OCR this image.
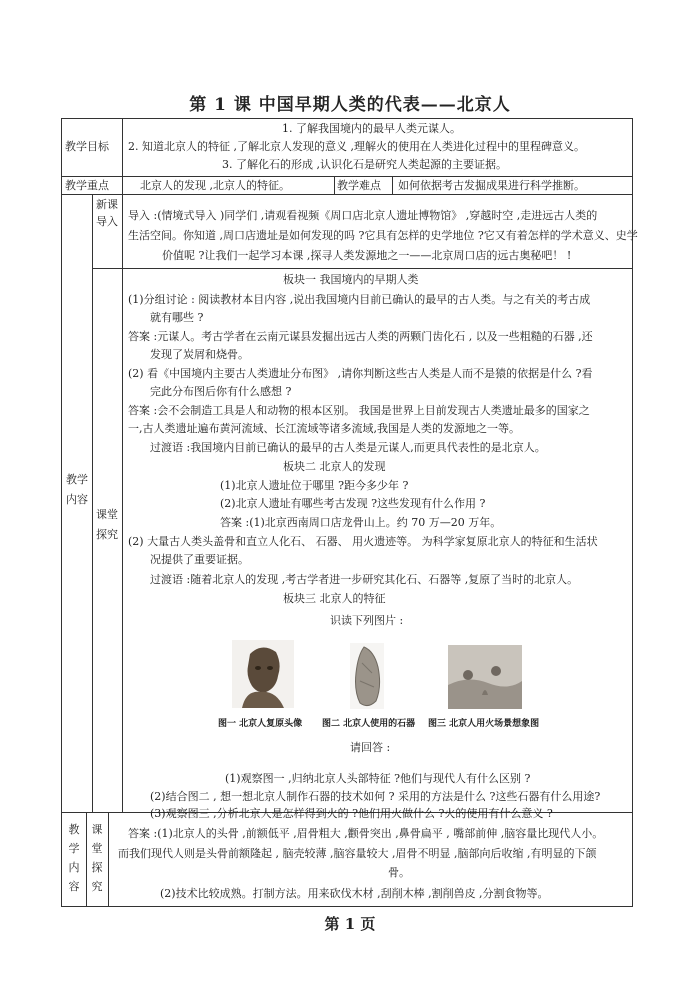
第 1 课 中国早期人类的代表——北京人
教学目标
1. 了解我国境内的最早人类元谋人。
2. 知道北京人的特征 ,了解北京人发现的意义 ,理解火的使用在人类进化过程中的里程碑意义。
3. 了解化石的形成 ,认识化石是研究人类起源的主要证据。
教学重点	北京人的发现 ,北京人的特征。	教学难点 如何依据考古发掘成果进行科学推断。
教学内容
新课导入 导入 :(情境式导入 )同学们 ,请观看视频《周口店北京人遗址博物馆》 ,穿越时空 ,走进远古人类的
生活空间。你知道 ,周口店遗址是如何发现的吗 ?它具有怎样的史学地位 ?它又有着怎样的学术意义、史学
价值呢 ?让我们一起学习本课 ,探寻人类发源地之一——北京周口店的远古奥秘吧！ !
课堂探究
板块一 我国境内的早期人类
(1)分组讨论 : 阅读教材本目内容 ,说出我国境内目前已确认的最早的古人类。与之有关的考古成
就有哪些 ?
答案 :元谋人。考古学者在云南元谋县发掘出远古人类的两颗门齿化石 , 以及一些粗糙的石器 ,还
发现了炭屑和烧骨。
(2) 看《中国境内主要古人类遗址分布图》 ,请你判断这些古人类是人而不是猿的依据是什么 ?看
完此分布图后你有什么感想 ?
答案 :会不会制造工具是人和动物的根本区别。 我国是世界上目前发现古人类遗址最多的国家之
一,古人类遗址遍布黄河流域、长江流域等诸多流域,我国是人类的发源地之一等。
过渡语 :我国境内目前已确认的最早的古人类是元谋人,而更具代表性的是北京人。
板块二 北京人的发现
(1)北京人遗址位于哪里 ?距今多少年 ?
(2)北京人遗址有哪些考古发现 ?这些发现有什么作用 ?
答案 :(1)北京西南周口店龙骨山上。约 70 万—20 万年。
(2) 大量古人类头盖骨和直立人化石、 石器、 用火遗迹等。 为科学家复原北京人的特征和生活状
况提供了重要证据。
过渡语 :随着北京人的发现 ,考古学者进一步研究其化石、石器等 ,复原了当时的北京人。
板块三 北京人的特征
识读下列图片 :
图一 北京人复原头像 图二 北京人使用的石器 图三 北京人用火场景想象图
请回答 :
(1)观察图一 ,归纳北京人头部特征 ?他们与现代人有什么区别 ?
(2)结合图二 , 想一想北京人制作石器的技术如何 ? 采用的方法是什么 ?这些石器有什么用途?
(3)观察图三 ,分析北京人是怎样得到火的 ?他们用火做什么 ?火的使用有什么意义 ?
教学内容
课堂探究
答案 :(1)北京人的头骨 ,前额低平 ,眉骨粗大 ,颧骨突出 ,鼻骨扁平 , 嘴部前伸 ,脑容量比现代人小。
而我们现代人则是头骨前额隆起 , 脑壳较薄 ,脑容量较大 ,眉骨不明显 ,脑部向后收缩 ,有明显的下颌
骨。
(2)技术比较成熟。打制方法。用来砍伐木材 ,刮削木棒 ,割削兽皮 ,分割食物等。
第 1 页
